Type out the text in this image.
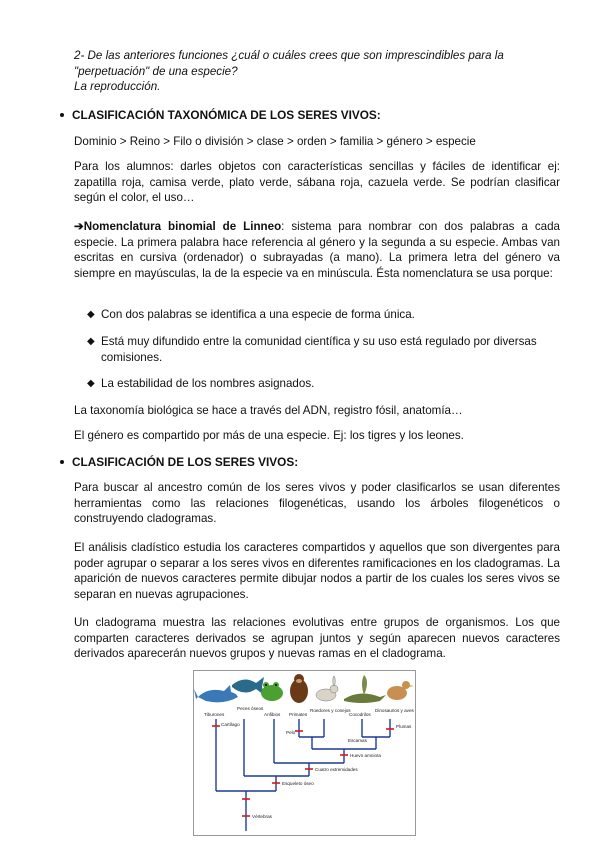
2- De las anteriores funciones ¿cuál o cuáles crees que son imprescindibles para la
"perpetuación" de una especie?
La reproducción.
CLASIFICACIÓN TAXONÓMICA DE LOS SERES VIVOS:
Dominio > Reino > Filo o división > clase > orden > familia > género > especie
Para los alumnos: darles objetos con características sencillas y fáciles de identificar ej: zapatilla roja, camisa verde, plato verde, sábana roja, cazuela verde. Se podrían clasificar según el color, el uso…
➔Nomenclatura binomial de Linneo: sistema para nombrar con dos palabras a cada especie. La primera palabra hace referencia al género y la segunda a su especie. Ambas van escritas en cursiva (ordenador) o subrayadas (a mano). La primera letra del género va siempre en mayúsculas, la de la especie va en minúscula. Ésta nomenclatura se usa porque:
◆ Con dos palabras se identifica a una especie de forma única.
◆ Está muy difundido entre la comunidad científica y su uso está regulado por diversas comisiones.
◆ La estabilidad de los nombres asignados.
La taxonomía biológica se hace a través del ADN, registro fósil, anatomía…
El género es compartido por más de una especie. Ej: los tigres y los leones.
CLASIFICACIÓN DE LOS SERES VIVOS:
Para buscar al ancestro común de los seres vivos y poder clasificarlos se usan diferentes herramientas como las relaciones filogenéticas, usando los árboles filogenéticos o construyendo cladogramas.
El análisis cladístico estudia los caracteres compartidos y aquellos que son divergentes para poder agrupar o separar a los seres vivos en diferentes ramificaciones en los cladogramas. La aparición de nuevos caracteres permite dibujar nodos a partir de los cuales los seres vivos se separan en nuevas agrupaciones.
Un cladograma muestra las relaciones evolutivas entre grupos de organismos. Los que comparten caracteres derivados se agrupan juntos y según aparecen nuevos caracteres derivados aparecerán nuevos grupos y nuevas ramas en el cladograma.
Tiburones
Peces óseos
Anfibios Primates
Roedores y conejos
Cocodrilos
Dinosaurios y aves
Cartílago
Pelo
Plumas
Escamas
Huevo amniota
Cuatro extremidades
Esqueleto óseo
Vértebras
